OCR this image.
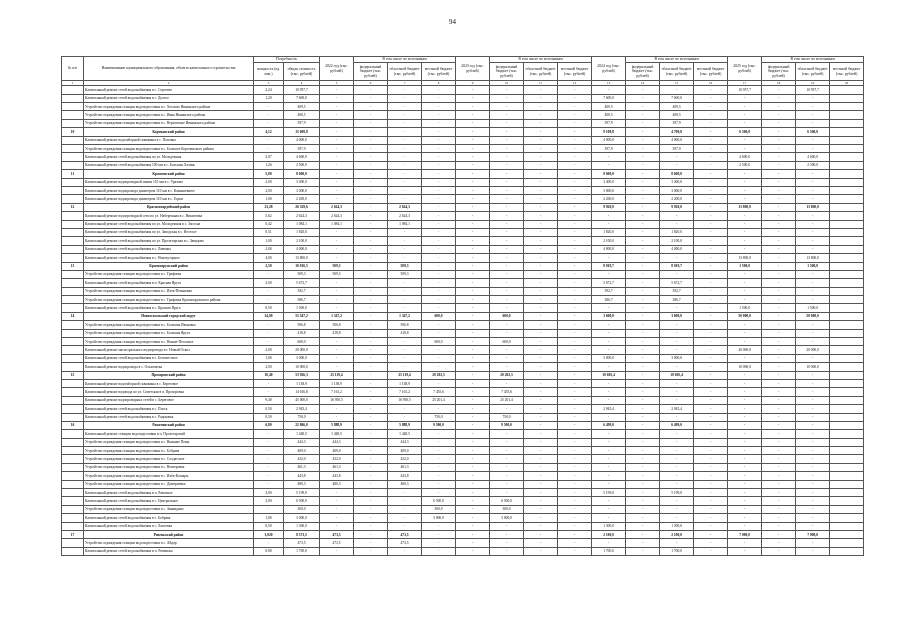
94
№ п/п	Наименование муниципального образования, объекта капитального строительства	Потребность		2022 год (тыс. рублей)	В том числе по источникам			2023 год (тыс. рублей)	В том числе по источникам			2024 год (тыс. рублей)	В том числе по источникам			2025 год (тыс. рублей)	В том числе по источникам		
		мощность (ед. изм.)	общая стоимость (тыс. рублей)		федеральный бюджет (тыс. рублей)	областной бюджет (тыс. рублей)	местный бюджет (тыс. рублей)		федеральный бюджет (тыс. рублей)	областной бюджет (тыс. рублей)	местный бюджет (тыс. рублей)		федеральный бюджет (тыс. рублей)	областной бюджет (тыс. рублей)	местный бюджет (тыс. рублей)		федеральный бюджет (тыс. рублей)	областной бюджет (тыс. рублей)	местный бюджет (тыс. рублей)

1	2	3	4	5	6	7	8	9	10	11	12	13	14	15	16	17	18	19	20
	Капитальный ремонт сетей водоснабжения в с. Сергеево	2,24	10 957,7	-	-	-	-	-	-	-	-	-	-	-	-	10 957,7	-	10 957,7	
	Капитальный ремонт сетей водоснабжения в с. Долгое	1,20	7 600,0	-	-	-	-	-	-	-	-	7 600,0	-	7 600,0	-	-	-	-	
	Устройство ограждения станции водоподготовки в с. Хохлово Ивнянского района	-	409,5	-	-	-	-	-	-	-	-	409,5	-	409,5	-	-	-	-	
	Устройство ограждения станции водоподготовки в с. Ивня Ивнянского района	-	408,5	-	-	-	-	-	-	-	-	408,5	-	408,5	-	-	-	-	
	Устройство ограждения станции водоподготовки в с. Верхопенье Ивнянского района	-	397,9	-	-	-	-	-	-	-	-	397,9	-	397,9	-	-	-	-	
10	Корочанский район	4,12	15 609,8	-	-	-	-	-	-	-	-	9 109,8	-	4 709,8	-	6 500,0	-	6 500,0	
	Капитальный ремонт водозаборной скважины в с. Поповка	-	4 000,0	-	-	-	-	-	-	-	-	4 000,0	-	4 000,0	-	-	-	-	
	Устройство ограждения станции водоподготовки в с. Большое Корочанского района	-	397,9	-	-	-	-	-	-	-	-	397,9	-	397,9	-	-	-	-	
	Капитальный ремонт сетей водоснабжения по ул. Молодежная	2,07	4 600,0	-	-	-	-	-	-	-	-	-	-	-	-	4 600,0	-	4 600,0	
	Капитальный ремонт сетей водоснабжения 100 мм в с. Большая Халань	1,26	2 500,0	-	-	-	-	-	-	-	-	-	-	-	-	2 500,0	-	2 500,0	
11	Красненский район	5,00	8 600,0	-	-	-	-	-	-	-	-	8 600,0	-	8 600,0	-	-	-	-	
	Капитальный ремонт водопроводной линии 110 мм в с. Уразово	2,00	3 400,0	-	-	-	-	-	-	-	-	3 400,0	-	3 400,0	-	-	-	-	
	Капитальный ремонт водопровода диаметром 110 мм в с. Камышеватое	2,00	3 000,0	-	-	-	-	-	-	-	-	3 000,0	-	3 000,0	-	-	-	-	
	Капитальный ремонт водопровода диаметром 110 мм в с. Горки	1,00	2 200,0	-	-	-	-	-	-	-	-	2 200,0	-	2 200,0	-	-	-	-	
12	Красногвардейский район	23,28	26 329,6	2 624,3	-	2 624,3	-	-	-	-	-	9 920,0	-	9 920,0	-	13 800,0	-	13 800,0	
	Капитальный ремонт водопроводной сети по ул. Набережная в с. Никитовка	5,62	2 624,3	2 624,3	-	2 624,3	-	-	-	-	-	-	-	-	-	-	-	-	
	Капитальный ремонт сетей водоснабжения по ул. Молодежная в с. Засосна	0,42	1 084,1	1 084,1	-	1 084,1	-	-	-	-	-	-	-	-	-	-	-	-	
	Капитальный ремонт сетей водоснабжения по ул. Заводская в с. Веселое	0,51	1 820,0	-	-	-	-	-	-	-	-	1 820,0	-	1 820,0	-	-	-	-	
	Капитальный ремонт сетей водоснабжения по ул. Пролетарская в с. Завидово	1,00	2 100,0	-	-	-	-	-	-	-	-	2 100,0	-	2 100,0	-	-	-	-	
	Капитальный ремонт сетей водоснабжения в с. Ливенка	2,00	4 000,0	-	-	-	-	-	-	-	-	4 000,0	-	4 000,0	-	-	-	-	
	Капитальный ремонт сетей водоснабжения в с. Новохуторное	4,00	13 800,0	-	-	-	-	-	-	-	-	-	-	-	-	13 800,0	-	13 800,0	
13	Краснояружский район	2,50	10 016,5	509,3	-	509,3	-	-	-	-	-	8 019,7	-	8 019,7	-	1 500,0	-	1 500,0	
	Устройство ограждения станции водоподготовки в с. Графовка	-	509,3	509,3	-	509,3	-	-	-	-	-	-	-	-	-	-	-	-	
	Капитальный ремонт сетей водоснабжения в п. Красная Яруга	2,00	5 672,7	-	-	-	-	-	-	-	-	5 672,7	-	5 672,7	-	-	-	-	
	Устройство ограждения станции водоподготовки в с. Илек-Пеньковка	-	392,7	-	-	-	-	-	-	-	-	392,7	-	392,7	-	-	-	-	
	Устройство ограждения станции водоподготовки в с. Графовка Краснояружского района	-	386,7	-	-	-	-	-	-	-	-	386,7	-	386,7	-	-	-	-	
	Капитальный ремонт сетей водоснабжения в с. Красная Яруга	0,50	1 500,0	-	-	-	-	-	-	-	-	-	-	-	-	1 500,0	-	1 500,0	
14	Новооскольский городской округ	24,00	55 547,2	1 347,2	-	1 347,2	600,0	-	600,0	-	-	3 600,0	-	3 600,0	-	50 000,0	-	50 000,0	
	Устройство ограждения станции водоподготовки в с. Большая Ивановка	-	506,8	506,8	-	506,8	-	-	-	-	-	-	-	-	-	-	-	-	
	Устройство ограждения станции водоподготовки в с. Большая Яруга	-	418,8	418,8	-	418,8	-	-	-	-	-	-	-	-	-	-	-	-	
	Устройство ограждения станции водоподготовки в с. Нижне-Песочное	-	600,0	-	-	-	600,0	-	600,0	-	-	-	-	-	-	-	-	-	
	Капитальный ремонт магистрального водопровода в г. Новый Оскол	2,00	20 000,0	-	-	-	-	-	-	-	-	-	-	-	-	20 000,0	-	20 000,0	
	Капитальный ремонт сетей водоснабжения в с. Беломестное	1,00	3 000,0	-	-	-	-	-	-	-	-	3 000,0	-	3 000,0	-	-	-	-	
	Капитальный ремонт водопровода в с. Ольховатка	2,00	10 000,0	-	-	-	-	-	-	-	-	-	-	-	-	10 000,0	-	10 000,0	
15	Прохоровский район	10,40	53 926,3	25 119,4	-	25 119,4	20 202,5	-	20 202,5	-	-	10 605,4	-	10 605,4	-	-	-	-	
	Капитальный ремонт водозаборной скважины в с. Береговое	-	1 138,9	1 138,9	-	1 138,9	-	-	-	-	-	-	-	-	-	-	-	-	
	Капитальный ремонт водовода по ул. Советская в п. Прохоровка	-	14 616,8	7 161,2	-	7 161,2	7 455,6	-	7 455,6	-	-	-	-	-	-	-	-	-	
	Капитальный ремонт водопроводных сетей в с. Береговое	9,40	45 000,0	16 950,5	-	16 950,5	25 201,4	-	25 201,4	-	-	-	-	-	-	-	-	-	
	Капитальный ремонт сетей водоснабжения в с. Плота	0,50	2 945,4	-	-	-	-	-	-	-	-	2 945,4	-	2 945,4	-	-	-	-	
	Капитальный ремонт сетей водоснабжения в с. Радьковка	0,50	750,0	-	-	-	750,0	-	750,0	-	-	-	-	-	-	-	-	-	
16	Ракитянский район	6,80	22 866,0	5 888,9	-	5 888,9	9 500,0	-	9 500,0	-	-	6 499,0	-	6 499,0	-	-	-	-	
	Капитальный ремонт станции водоподготовки в п. Пролетарский	-	1 448,5	1 448,5	-	1 448,5	-	-	-	-	-	-	-	-	-	-	-	-	
	Устройство ограждения станции водоподготовки в с. Вышние Пены	-	444,3	444,3	-	444,3	-	-	-	-	-	-	-	-	-	-	-	-	
	Устройство ограждения станции водоподготовки в с. Бобрава	-	409,0	409,0	-	409,0	-	-	-	-	-	-	-	-	-	-	-	-	
	Устройство ограждения станции водоподготовки в с. Солдатское	-	432,0	432,0	-	432,0	-	-	-	-	-	-	-	-	-	-	-	-	
	Устройство ограждения станции водоподготовки в с. Венгеровка	-	461,3	461,3	-	461,3	-	-	-	-	-	-	-	-	-	-	-	-	
	Устройство ограждения станции водоподготовки в с. Илёк-Кошары	-	443,8	443,8	-	443,8	-	-	-	-	-	-	-	-	-	-	-	-	
	Устройство ограждения станции водоподготовки в с. Дмитриевка	-	480,3	480,3	-	480,3	-	-	-	-	-	-	-	-	-	-	-	-	
	Капитальный ремонт сетей водоснабжения в п. Ракитное	3,00	5 199,0	-	-	-	-	-	-	-	-	5 199,0	-	5 199,0	-	-	-	-	
	Капитальный ремонт сетей водоснабжения в с. Центральное	2,00	6 500,0	-	-	-	6 500,0	-	6 500,0	-	-	-	-	-	-	-	-	-	
	Устройство ограждения станции водоподготовки в с. Зинаидино	-	300,0	-	-	-	300,0	-	300,0	-	-	-	-	-	-	-	-	-	
	Капитальный ремонт сетей водоснабжения в с. Бобрава	1,80	3 000,0	-	-	-	3 000,0	-	3 000,0	-	-	-	-	-	-	-	-	-	
	Капитальный ремонт сетей водоснабжения в с. Лаптевка	0,50	1 300,0	-	-	-	-	-	-	-	-	1 300,0	-	1 300,0	-	-	-	-	
17	Ровеньский район	3,020	8 573,5	473,5	-	473,5	-	-	-	-	-	2 100,0	-	2 100,0	-	7 000,0	-	7 000,0	
	Устройство ограждения станции водоподготовки в с. Айдар	-	473,5	473,5	-	473,5	-	-	-	-	-	-	-	-	-	-	-	-	
	Капитальный ремонт сетей водоснабжения в п. Ровеньки	0,80	1 700,0	-	-	-	-	-	-	-	-	1 700,0	-	1 700,0	-	-	-	-	
